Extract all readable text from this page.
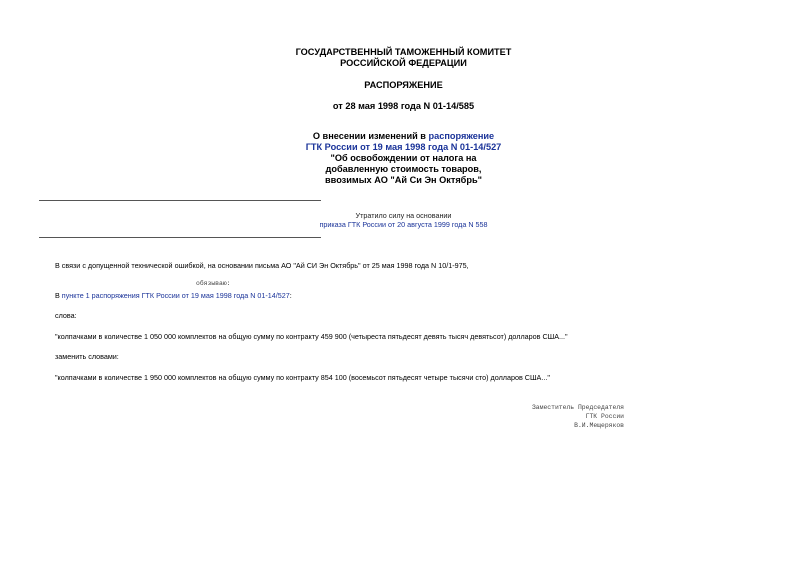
ГОСУДАРСТВЕННЫЙ ТАМОЖЕННЫЙ КОМИТЕТ
РОССИЙСКОЙ ФЕДЕРАЦИИ
РАСПОРЯЖЕНИЕ
от 28 мая 1998 года N 01-14/585
О внесении изменений в распоряжение
ГТК России от 19 мая 1998 года N 01-14/527
"Об освобождении от налога на
добавленную стоимость товаров,
ввозимых АО "Ай Си Эн Октябрь"
Утратило силу на основании
приказа ГТК России от 20 августа 1999 года N 558
В связи с допущенной технической ошибкой, на основании письма АО "Ай СИ Эн Октябрь" от 25 мая 1998 года N 10/1-975,
обязываю:
В пункте 1 распоряжения ГТК России от 19 мая 1998 года N 01-14/527:
слова:
"колпачками в количестве 1 050 000 комплектов на общую сумму по контракту 459 900 (четыреста пятьдесят девять тысяч девятьсот) долларов США..."
заменить словами:
"колпачками в количестве 1 950 000 комплектов на общую сумму по контракту 854 100 (восемьсот пятьдесят четыре тысячи сто) долларов США..."
Заместитель Председателя
ГТК России
В.И.Мещеряков
